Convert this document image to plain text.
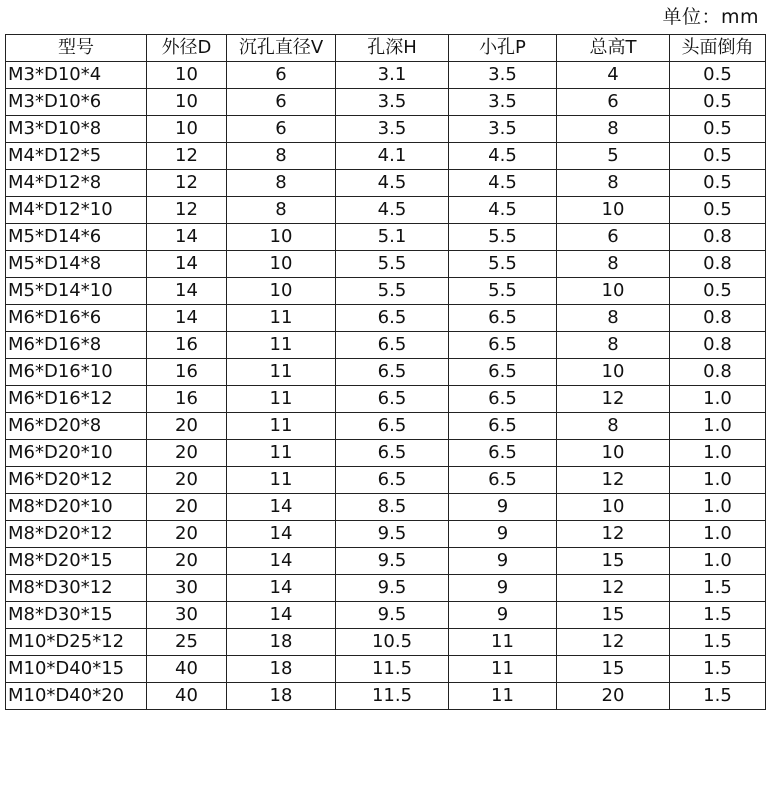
单位：mm
型号	外径D	沉孔直径V	孔深H	小孔P	总高T	头面倒角
M3*D10*4	10	6	3.1	3.5	4	0.5
M3*D10*6	10	6	3.5	3.5	6	0.5
M3*D10*8	10	6	3.5	3.5	8	0.5
M4*D12*5	12	8	4.1	4.5	5	0.5
M4*D12*8	12	8	4.5	4.5	8	0.5
M4*D12*10	12	8	4.5	4.5	10	0.5
M5*D14*6	14	10	5.1	5.5	6	0.8
M5*D14*8	14	10	5.5	5.5	8	0.8
M5*D14*10	14	10	5.5	5.5	10	0.5
M6*D16*6	14	11	6.5	6.5	8	0.8
M6*D16*8	16	11	6.5	6.5	8	0.8
M6*D16*10	16	11	6.5	6.5	10	0.8
M6*D16*12	16	11	6.5	6.5	12	1.0
M6*D20*8	20	11	6.5	6.5	8	1.0
M6*D20*10	20	11	6.5	6.5	10	1.0
M6*D20*12	20	11	6.5	6.5	12	1.0
M8*D20*10	20	14	8.5	9	10	1.0
M8*D20*12	20	14	9.5	9	12	1.0
M8*D20*15	20	14	9.5	9	15	1.0
M8*D30*12	30	14	9.5	9	12	1.5
M8*D30*15	30	14	9.5	9	15	1.5
M10*D25*12	25	18	10.5	11	12	1.5
M10*D40*15	40	18	11.5	11	15	1.5
M10*D40*20	40	18	11.5	11	20	1.5
